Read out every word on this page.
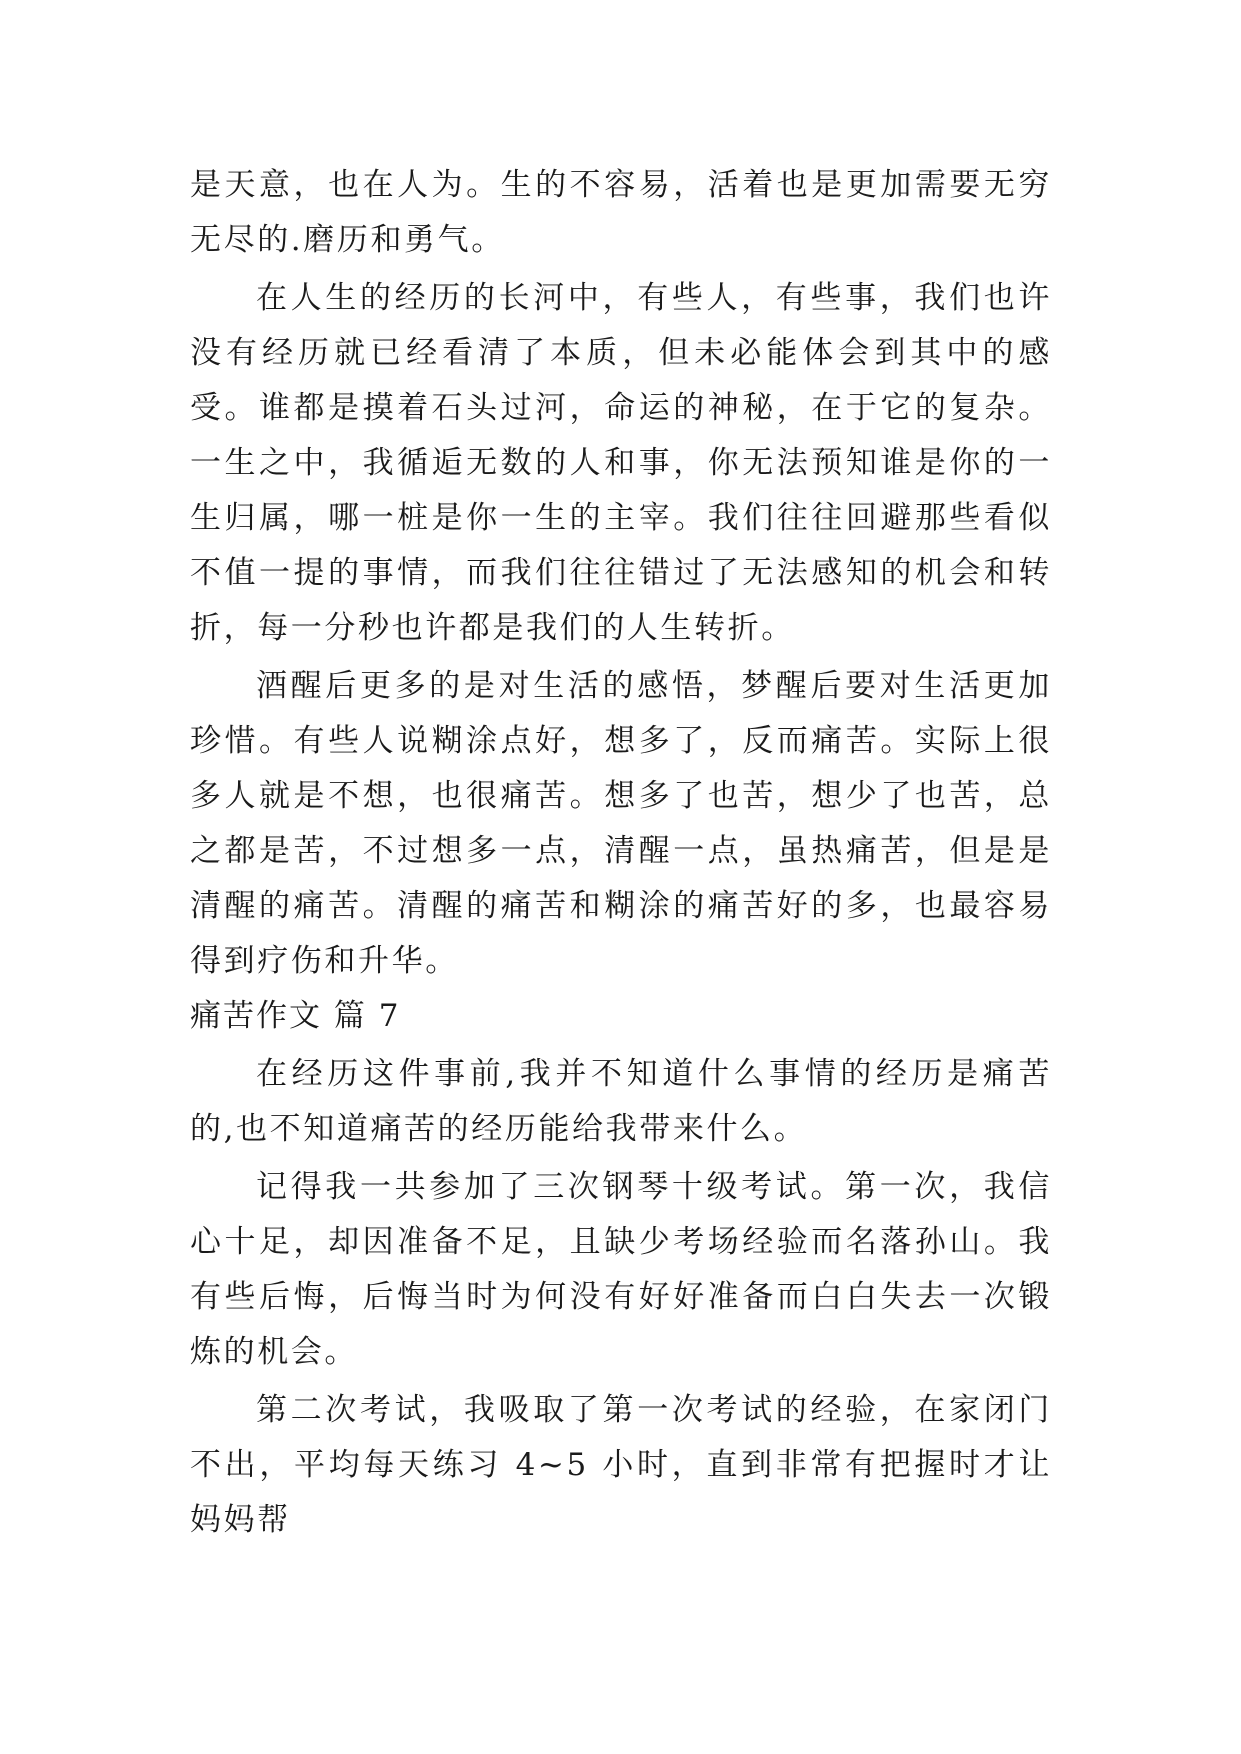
是天意，也在人为。生的不容易，活着也是更加需要无穷无尽的.磨历和勇气。

在人生的经历的长河中，有些人，有些事，我们也许没有经历就已经看清了本质，但未必能体会到其中的感受。谁都是摸着石头过河，命运的神秘，在于它的复杂。一生之中，我循逅无数的人和事，你无法预知谁是你的一生归属，哪一桩是你一生的主宰。我们往往回避那些看似不值一提的事情，而我们往往错过了无法感知的机会和转折，每一分秒也许都是我们的人生转折。

酒醒后更多的是对生活的感悟，梦醒后要对生活更加珍惜。有些人说糊涂点好，想多了，反而痛苦。实际上很多人就是不想，也很痛苦。想多了也苦，想少了也苦，总之都是苦，不过想多一点，清醒一点，虽热痛苦，但是是清醒的痛苦。清醒的痛苦和糊涂的痛苦好的多，也最容易得到疗伤和升华。

痛苦作文 篇 7

在经历这件事前,我并不知道什么事情的经历是痛苦的,也不知道痛苦的经历能给我带来什么。

记得我一共参加了三次钢琴十级考试。第一次，我信心十足，却因准备不足，且缺少考场经验而名落孙山。我有些后悔，后悔当时为何没有好好准备而白白失去一次锻炼的机会。

第二次考试，我吸取了第一次考试的经验，在家闭门不出，平均每天练习 4~5 小时，直到非常有把握时才让妈妈帮
